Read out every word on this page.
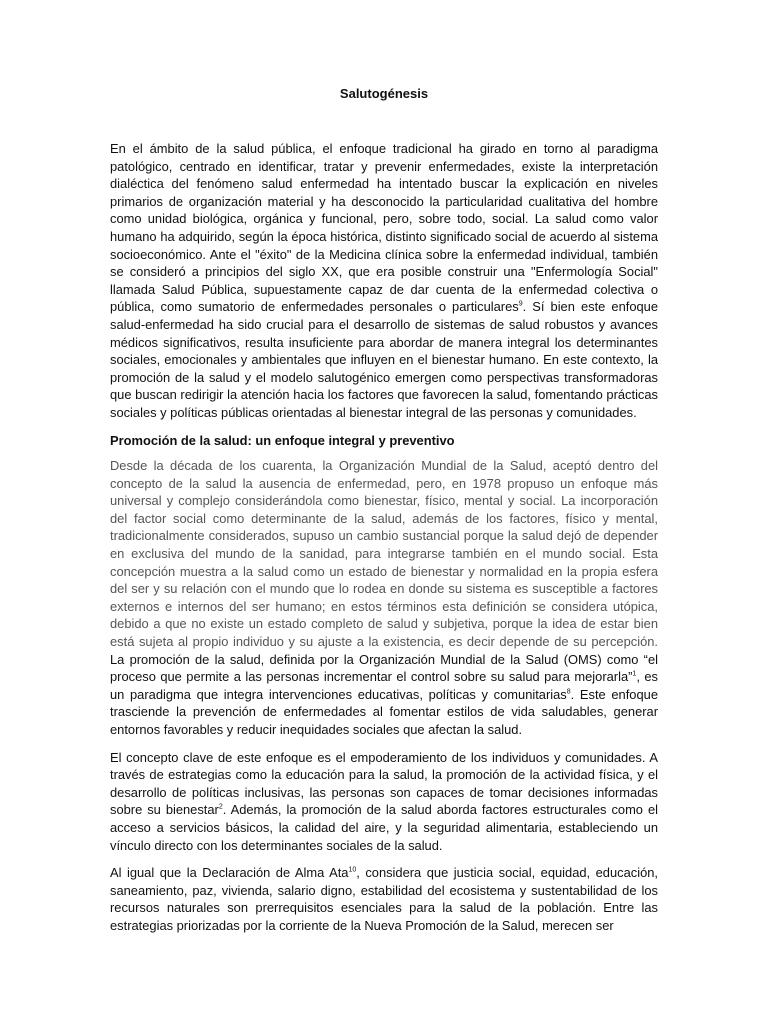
Salutogénesis

En el ámbito de la salud pública, el enfoque tradicional ha girado en torno al paradigma patológico, centrado en identificar, tratar y prevenir enfermedades, existe la interpretación dialéctica del fenómeno salud enfermedad ha intentado buscar la explicación en niveles primarios de organización material y ha desconocido la particularidad cualitativa del hombre como unidad biológica, orgánica y funcional, pero, sobre todo, social. La salud como valor humano ha adquirido, según la época histórica, distinto significado social de acuerdo al sistema socioeconómico. Ante el "éxito" de la Medicina clínica sobre la enfermedad individual, también se consideró a principios del siglo XX, que era posible construir una "Enfermología Social" llamada Salud Pública, supuestamente capaz de dar cuenta de la enfermedad colectiva o pública, como sumatorio de enfermedades personales o particulares$^9$. Sí bien este enfoque salud-enfermedad ha sido crucial para el desarrollo de sistemas de salud robustos y avances médicos significativos, resulta insuficiente para abordar de manera integral los determinantes sociales, emocionales y ambientales que influyen en el bienestar humano. En este contexto, la promoción de la salud y el modelo salutogénico emergen como perspectivas transformadoras que buscan redirigir la atención hacia los factores que favorecen la salud, fomentando prácticas sociales y políticas públicas orientadas al bienestar integral de las personas y comunidades.

Promoción de la salud: un enfoque integral y preventivo

Desde la década de los cuarenta, la Organización Mundial de la Salud, aceptó dentro del concepto de la salud la ausencia de enfermedad, pero, en 1978 propuso un enfoque más universal y complejo considerándola como bienestar, físico, mental y social. La incorporación del factor social como determinante de la salud, además de los factores, físico y mental, tradicionalmente considerados, supuso un cambio sustancial porque la salud dejó de depender en exclusiva del mundo de la sanidad, para integrarse también en el mundo social. Esta concepción muestra a la salud como un estado de bienestar y normalidad en la propia esfera del ser y su relación con el mundo que lo rodea en donde su sistema es susceptible a factores externos e internos del ser humano; en estos términos esta definición se considera utópica, debido a que no existe un estado completo de salud y subjetiva, porque la idea de estar bien está sujeta al propio individuo y su ajuste a la existencia, es decir depende de su percepción. La promoción de la salud, definida por la Organización Mundial de la Salud (OMS) como “el proceso que permite a las personas incrementar el control sobre su salud para mejorarla”$^1$, es un paradigma que integra intervenciones educativas, políticas y comunitarias$^8$. Este enfoque trasciende la prevención de enfermedades al fomentar estilos de vida saludables, generar entornos favorables y reducir inequidades sociales que afectan la salud.

El concepto clave de este enfoque es el empoderamiento de los individuos y comunidades. A través de estrategias como la educación para la salud, la promoción de la actividad física, y el desarrollo de políticas inclusivas, las personas son capaces de tomar decisiones informadas sobre su bienestar$^2$. Además, la promoción de la salud aborda factores estructurales como el acceso a servicios básicos, la calidad del aire, y la seguridad alimentaria, estableciendo un vínculo directo con los determinantes sociales de la salud.

Al igual que la Declaración de Alma Ata$^{10}$, considera que justicia social, equidad, educación, saneamiento, paz, vivienda, salario digno, estabilidad del ecosistema y sustentabilidad de los recursos naturales son prerrequisitos esenciales para la salud de la población. Entre las estrategias priorizadas por la corriente de la Nueva Promoción de la Salud, merecen ser
